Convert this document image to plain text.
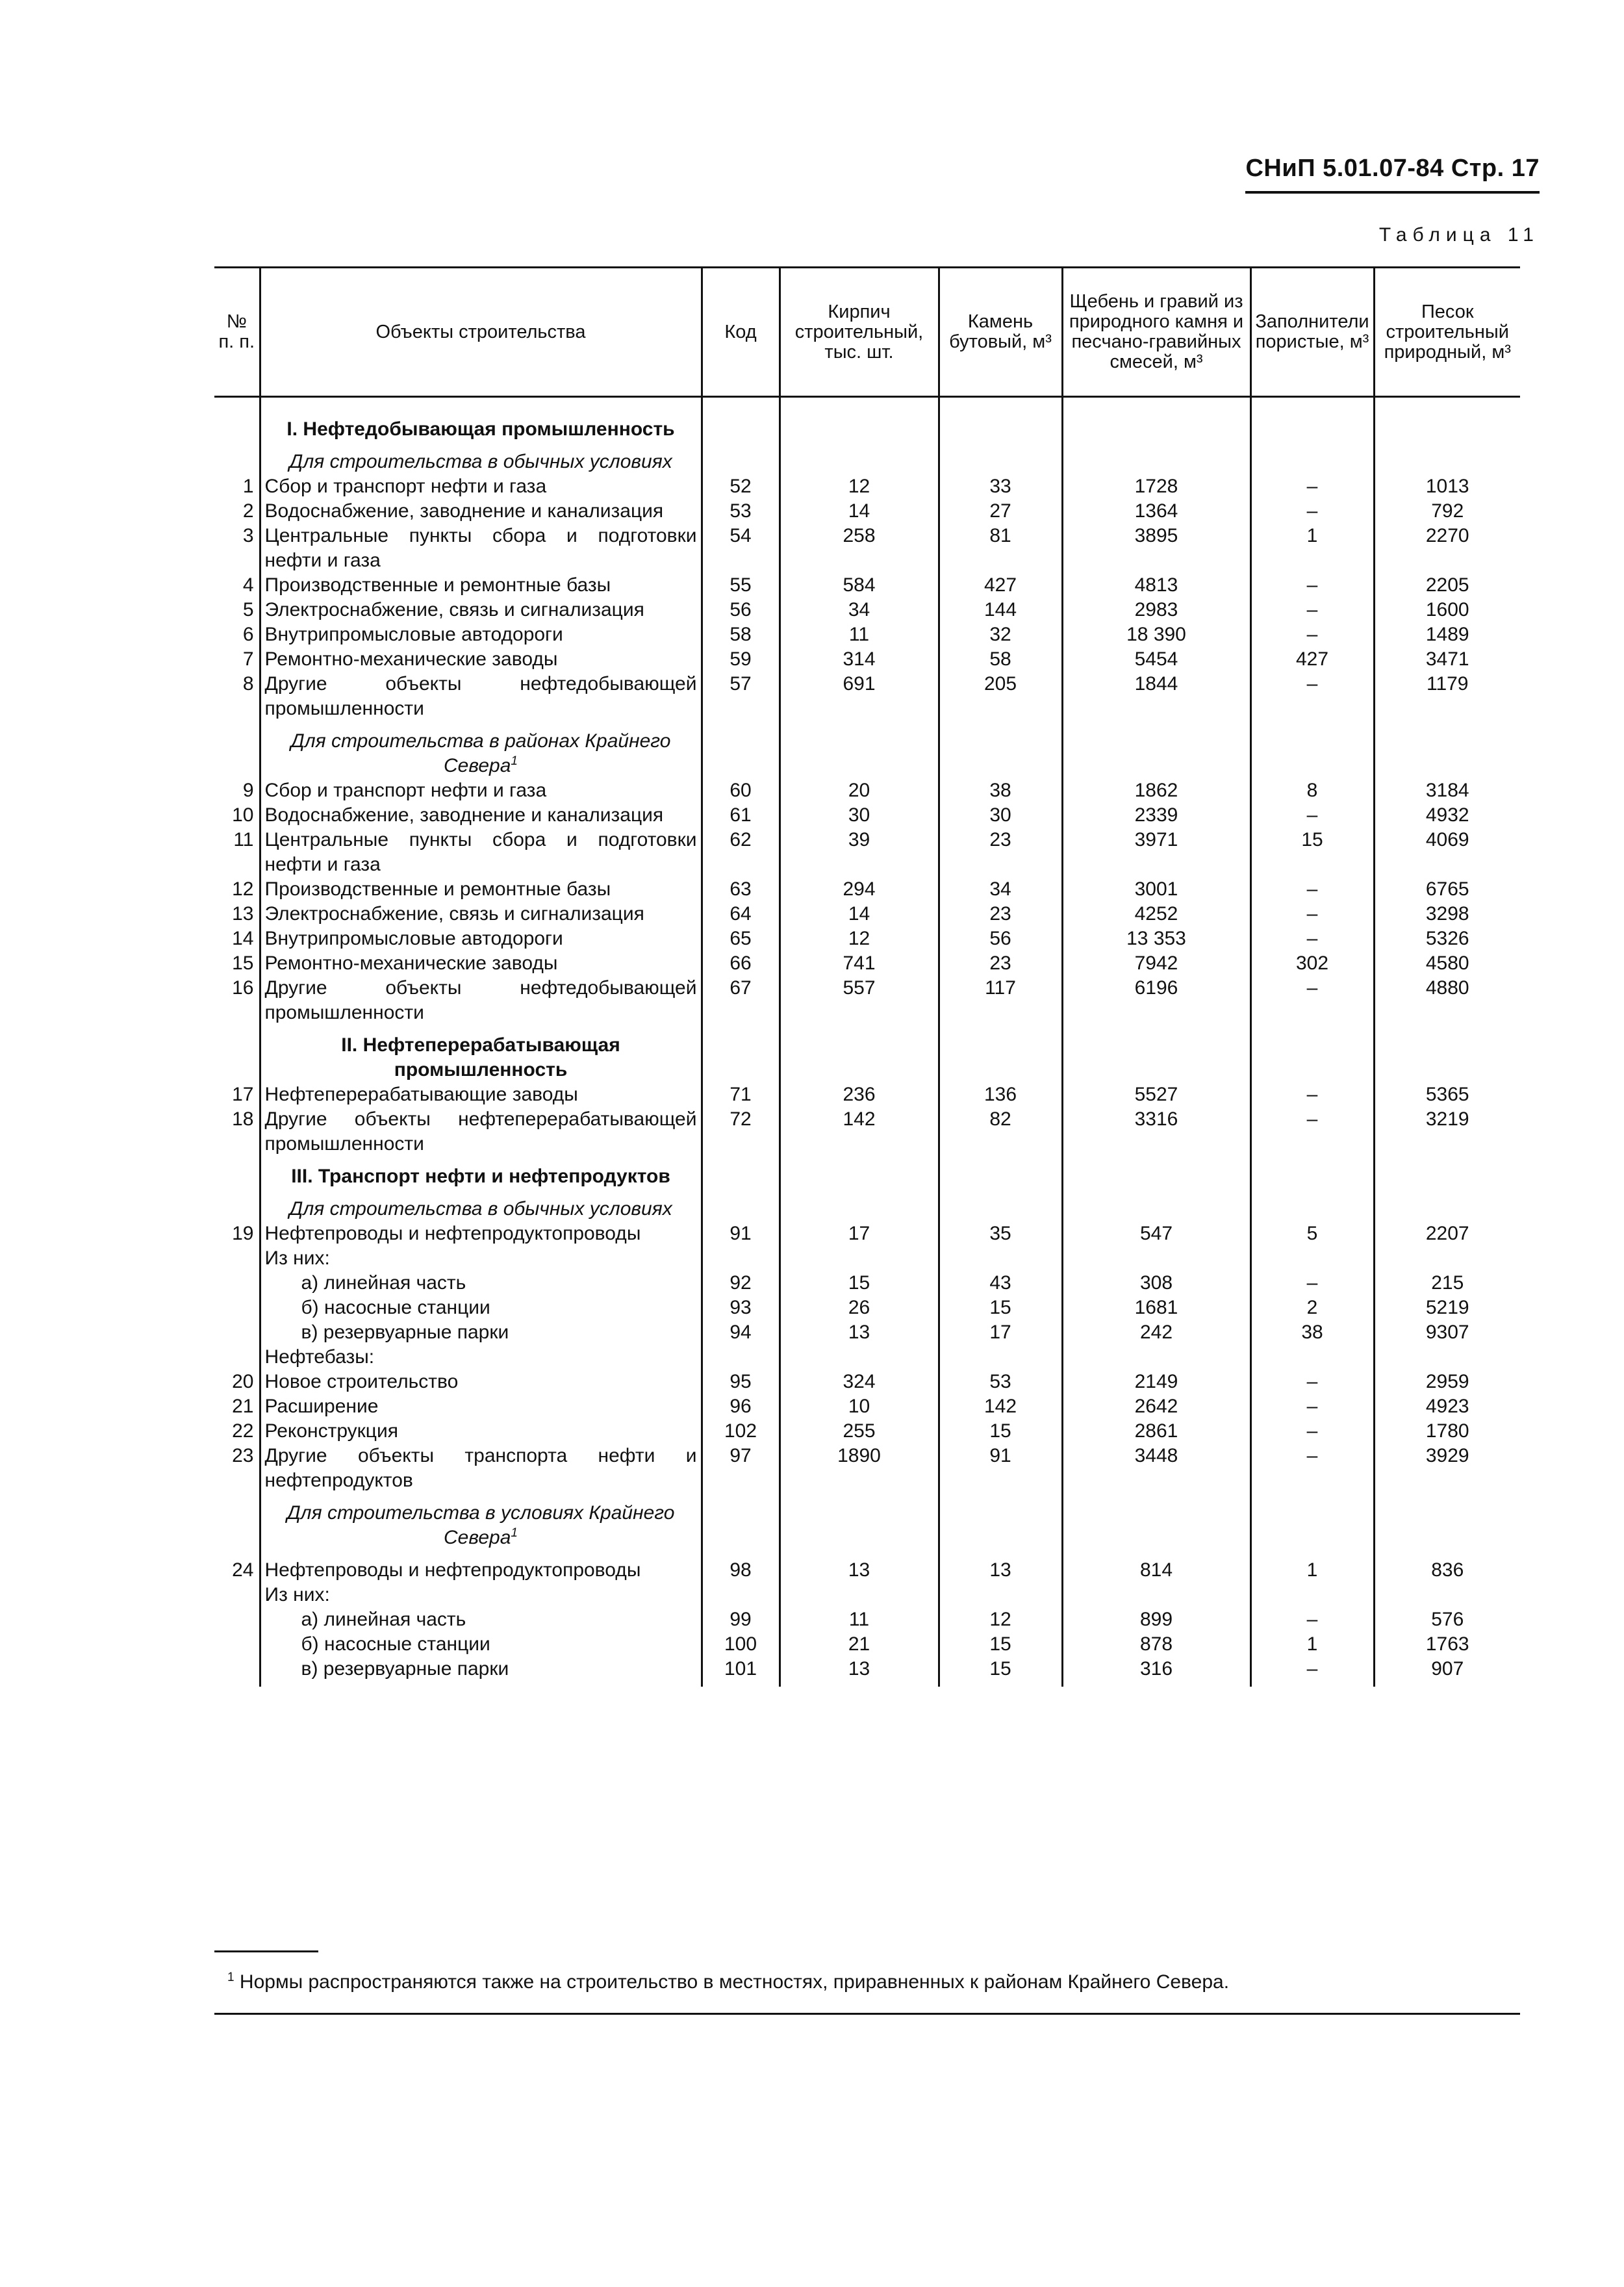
СНиП 5.01.07-84 Стр. 17
Таблица 11
№ п. п.	Объекты строительства	Код	Кирпич строительный, тыс. шт.	Камень бутовый, м³	Щебень и гравий из природного камня и песчано-гравийных смесей, м³	Заполнители пористые, м³	Песок строительный природный, м³
	I. Нефтедобывающая промышленность						
	Для строительства в обычных условиях						
1	Сбор и транспорт нефти и газа	52	12	33	1728	–	1013
2	Водоснабжение, заводнение и канализация	53	14	27	1364	–	792
3	Центральные пункты сбора и подготовки нефти и газа	54	258	81	3895	1	2270
4	Производственные и ремонтные базы	55	584	427	4813	–	2205
5	Электроснабжение, связь и сигнализация	56	34	144	2983	–	1600
6	Внутрипромысловые автодороги	58	11	32	18 390	–	1489
7	Ремонтно-механические заводы	59	314	58	5454	427	3471
8	Другие объекты нефтедобывающей промышленности	57	691	205	1844	–	1179
	Для строительства в районах Крайнего Севера$^1$						
9	Сбор и транспорт нефти и газа	60	20	38	1862	8	3184
10	Водоснабжение, заводнение и канализация	61	30	30	2339	–	4932
11	Центральные пункты сбора и подготовки нефти и газа	62	39	23	3971	15	4069
12	Производственные и ремонтные базы	63	294	34	3001	–	6765
13	Электроснабжение, связь и сигнализация	64	14	23	4252	–	3298
14	Внутрипромысловые автодороги	65	12	56	13 353	–	5326
15	Ремонтно-механические заводы	66	741	23	7942	302	4580
16	Другие объекты нефтедобывающей промышленности	67	557	117	6196	–	4880
	II. Нефтеперерабатывающая промышленность						
17	Нефтеперерабатывающие заводы	71	236	136	5527	–	5365
18	Другие объекты нефтеперерабатывающей промышленности	72	142	82	3316	–	3219
	III. Транспорт нефти и нефтепродуктов						
	Для строительства в обычных условиях						
19	Нефтепроводы и нефтепродуктопроводы	91	17	35	547	5	2207
	Из них:						
	а) линейная часть	92	15	43	308	–	215
	б) насосные станции	93	26	15	1681	2	5219
	в) резервуарные парки	94	13	17	242	38	9307
	Нефтебазы:						
20	Новое строительство	95	324	53	2149	–	2959
21	Расширение	96	10	142	2642	–	4923
22	Реконструкция	102	255	15	2861	–	1780
23	Другие объекты транспорта нефти и нефтепродуктов	97	1890	91	3448	–	3929
	Для строительства в условиях Крайнего Севера$^1$						
24	Нефтепроводы и нефтепродуктопроводы	98	13	13	814	1	836
	Из них:						
	а) линейная часть	99	11	12	899	–	576
	б) насосные станции	100	21	15	878	1	1763
	в) резервуарные парки	101	13	15	316	–	907
$^1$ Нормы распространяются также на строительство в местностях, приравненных к районам Крайнего Севера.
